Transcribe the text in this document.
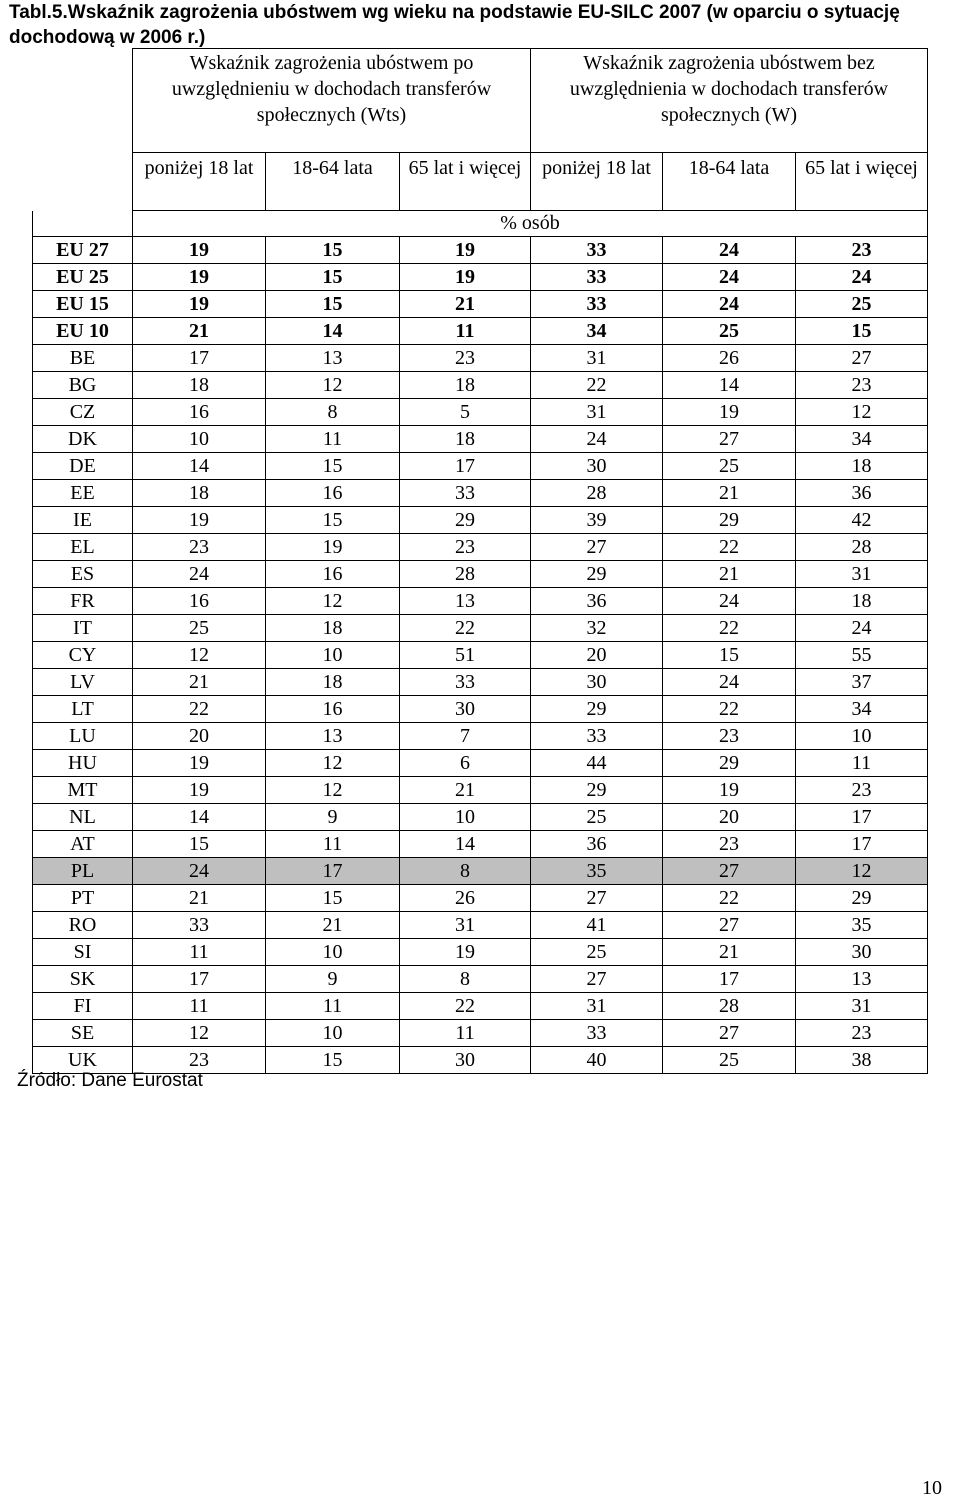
Tabl.5.Wskaźnik zagrożenia ubóstwem wg wieku na podstawie EU-SILC 2007 (w oparciu o sytuację dochodową w 2006 r.)
	Wskaźnik zagrożenia ubóstwem po uwzględnieniu w dochodach transferów społecznych (Wts)			Wskaźnik zagrożenia ubóstwem bez uwzględnienia w dochodach transferów społecznych (W)		
	poniżej 18 lat	18-64 lata	65 lat i więcej	poniżej 18 lat	18-64 lata	65 lat i więcej
	% osób					
EU 27	19	15	19	33	24	23
EU 25	19	15	19	33	24	24
EU 15	19	15	21	33	24	25
EU 10	21	14	11	34	25	15
BE	17	13	23	31	26	27
BG	18	12	18	22	14	23
CZ	16	8	5	31	19	12
DK	10	11	18	24	27	34
DE	14	15	17	30	25	18
EE	18	16	33	28	21	36
IE	19	15	29	39	29	42
EL	23	19	23	27	22	28
ES	24	16	28	29	21	31
FR	16	12	13	36	24	18
IT	25	18	22	32	22	24
CY	12	10	51	20	15	55
LV	21	18	33	30	24	37
LT	22	16	30	29	22	34
LU	20	13	7	33	23	10
HU	19	12	6	44	29	11
MT	19	12	21	29	19	23
NL	14	9	10	25	20	17
AT	15	11	14	36	23	17
PL	24	17	8	35	27	12
PT	21	15	26	27	22	29
RO	33	21	31	41	27	35
SI	11	10	19	25	21	30
SK	17	9	8	27	17	13
FI	11	11	22	31	28	31
SE	12	10	11	33	27	23
UK	23	15	30	40	25	38
Źródło: Dane Eurostat
10
